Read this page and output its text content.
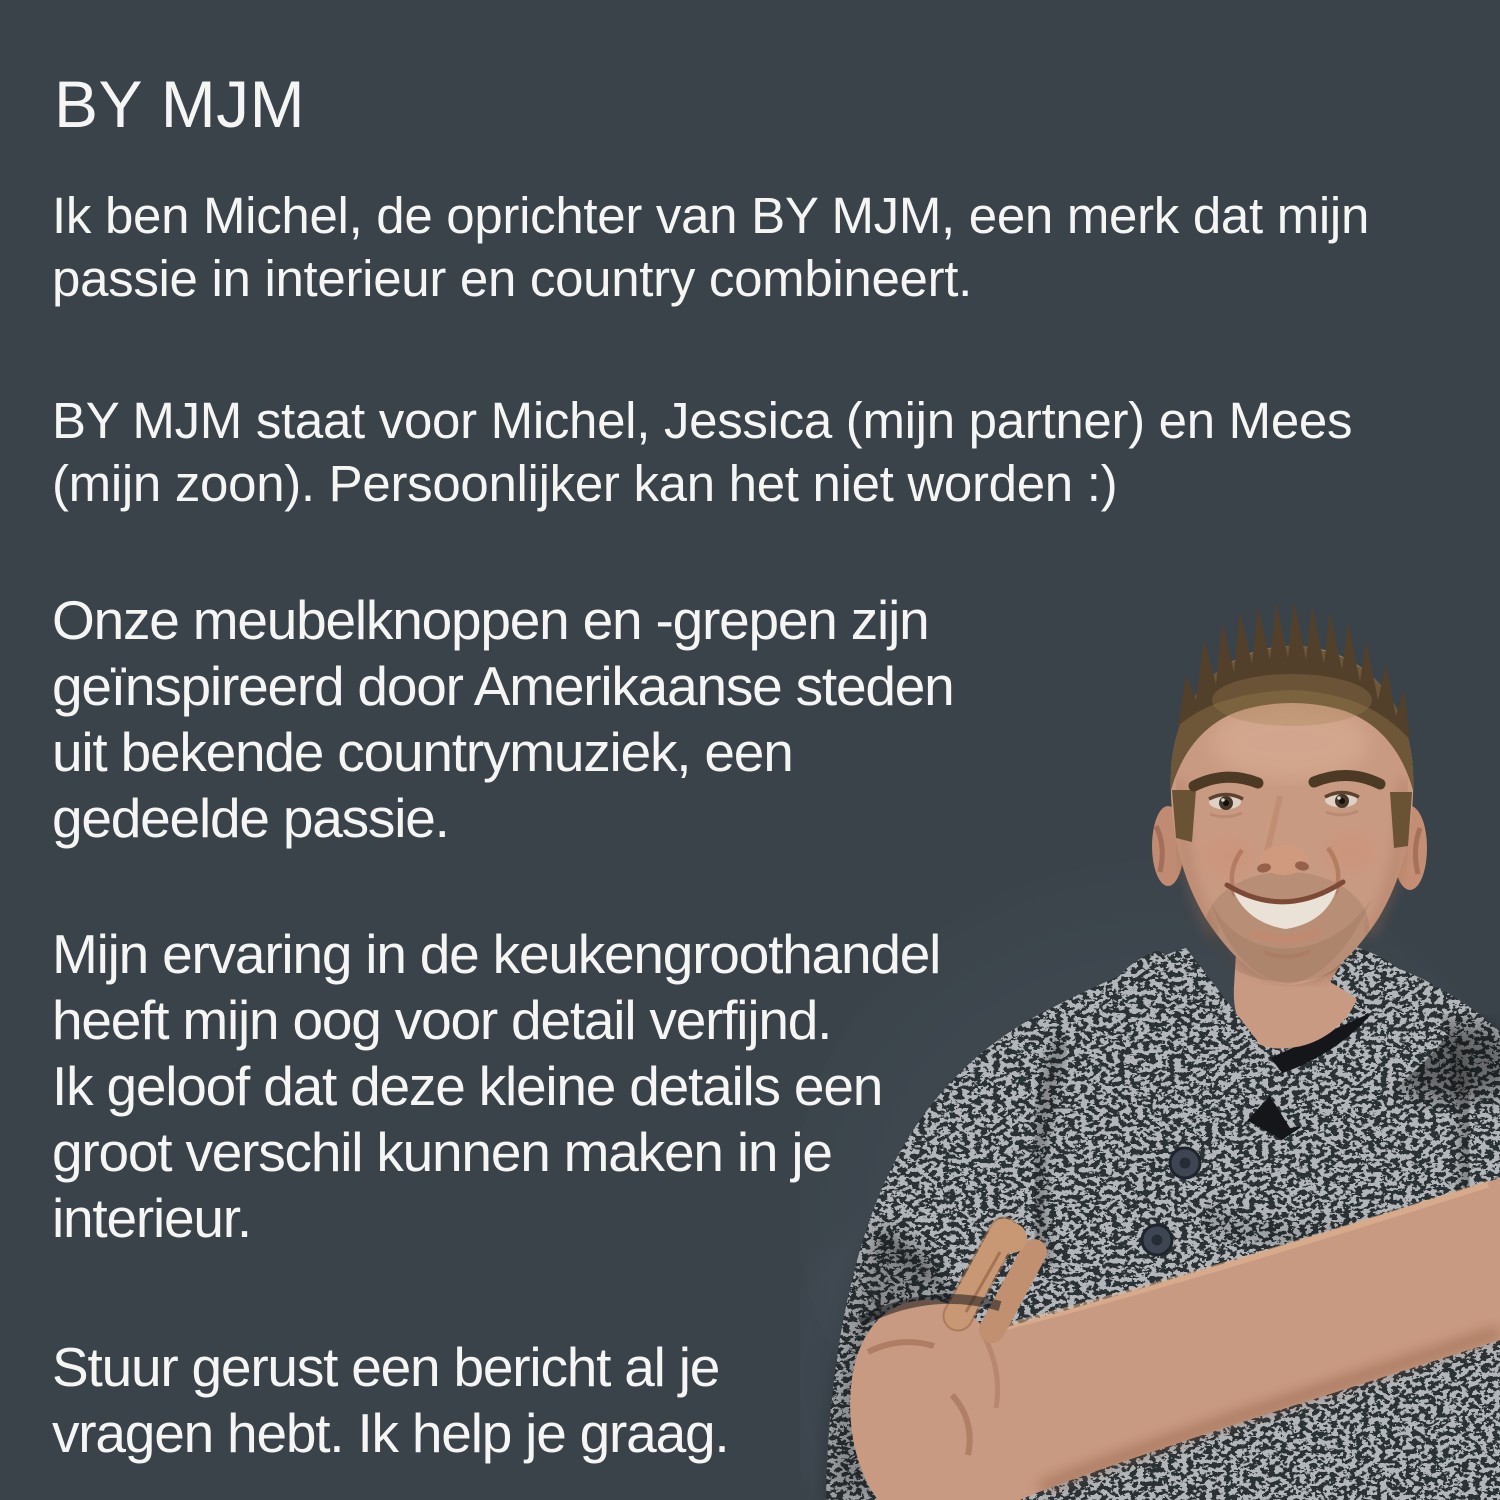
BY MJM
Ik ben Michel, de oprichter van BY MJM, een merk dat mijn
passie in interieur en country combineert.
BY MJM staat voor Michel, Jessica (mijn partner) en Mees
(mijn zoon). Persoonlijker kan het niet worden :)
Onze meubelknoppen en -grepen zijn
geïnspireerd door Amerikaanse steden
uit bekende countrymuziek, een
gedeelde passie.
Mijn ervaring in de keukengroothandel
heeft mijn oog voor detail verfijnd.
Ik geloof dat deze kleine details een
groot verschil kunnen maken in je
interieur.
Stuur gerust een bericht al je
vragen hebt. Ik help je graag.
